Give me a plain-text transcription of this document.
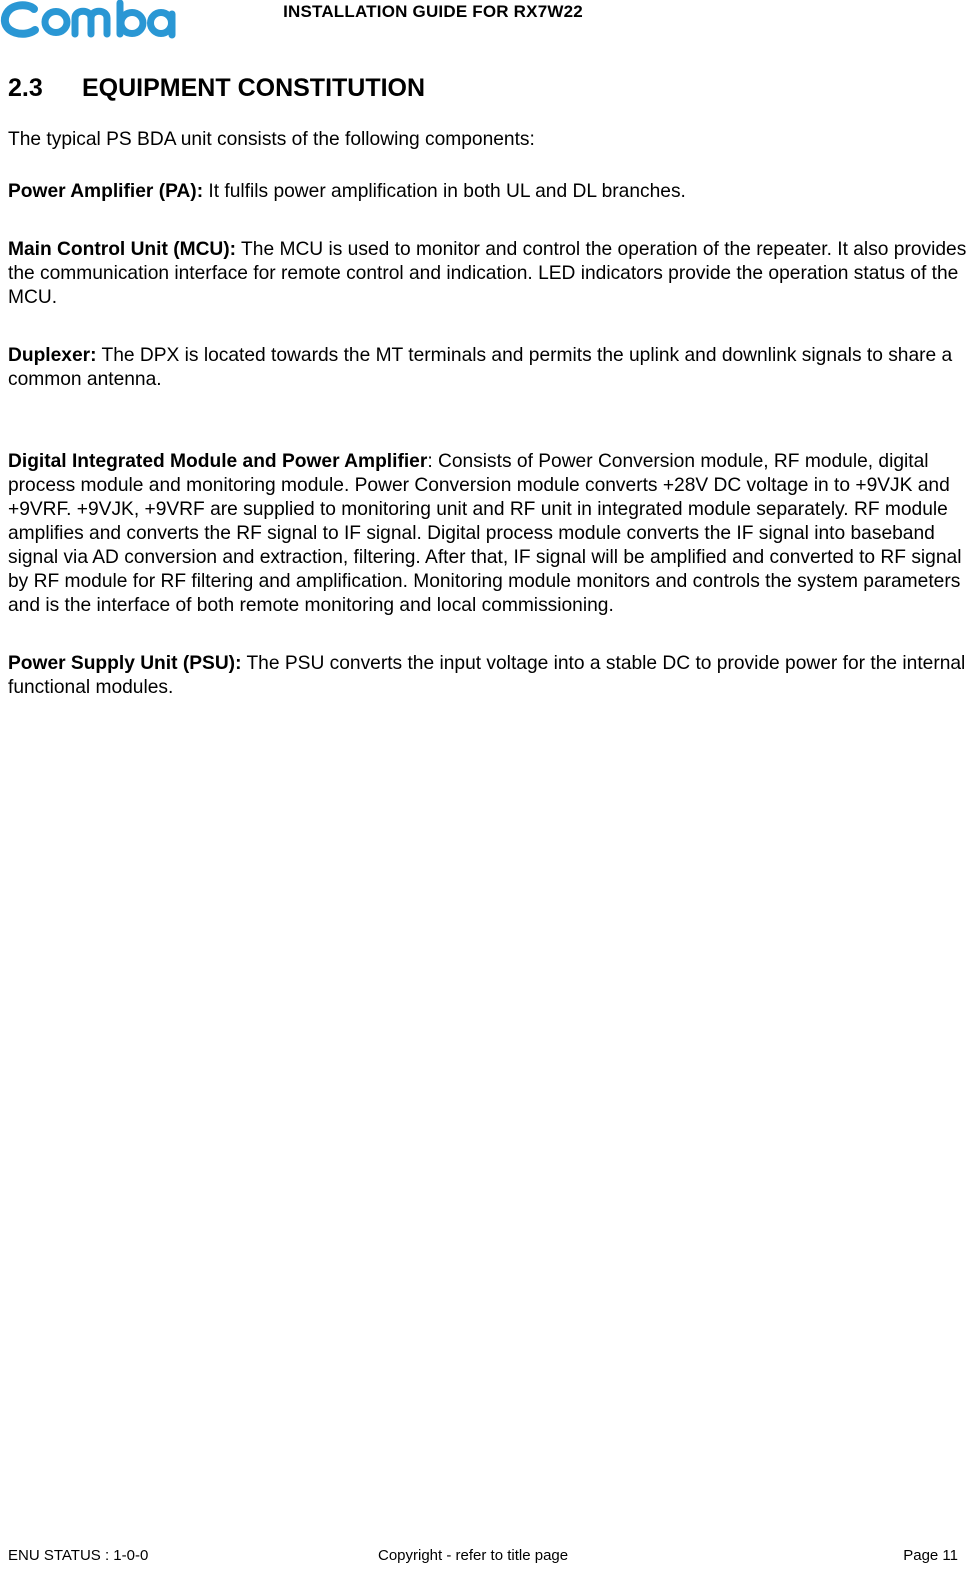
INSTALLATION GUIDE FOR RX7W22
2.3 EQUIPMENT CONSTITUTION

The typical PS BDA unit consists of the following components:

Power Amplifier (PA): It fulfils power amplification in both UL and DL branches.

Main Control Unit (MCU): The MCU is used to monitor and control the operation of the repeater. It also provides the communication interface for remote control and indication. LED indicators provide the operation status of the MCU.

Duplexer: The DPX is located towards the MT terminals and permits the uplink and downlink signals to share a common antenna.

Digital Integrated Module and Power Amplifier: Consists of Power Conversion module, RF module, digital process module and monitoring module. Power Conversion module converts +28V DC voltage in to +9VJK and +9VRF. +9VJK, +9VRF are supplied to monitoring unit and RF unit in integrated module separately. RF module amplifies and converts the RF signal to IF signal. Digital process module converts the IF signal into baseband signal via AD conversion and extraction, filtering. After that, IF signal will be amplified and converted to RF signal by RF module for RF filtering and amplification. Monitoring module monitors and controls the system parameters and is the interface of both remote monitoring and local commissioning.

Power Supply Unit (PSU): The PSU converts the input voltage into a stable DC to provide power for the internal functional modules.

ENU STATUS : 1-0-0	Copyright - refer to title page	Page 11
